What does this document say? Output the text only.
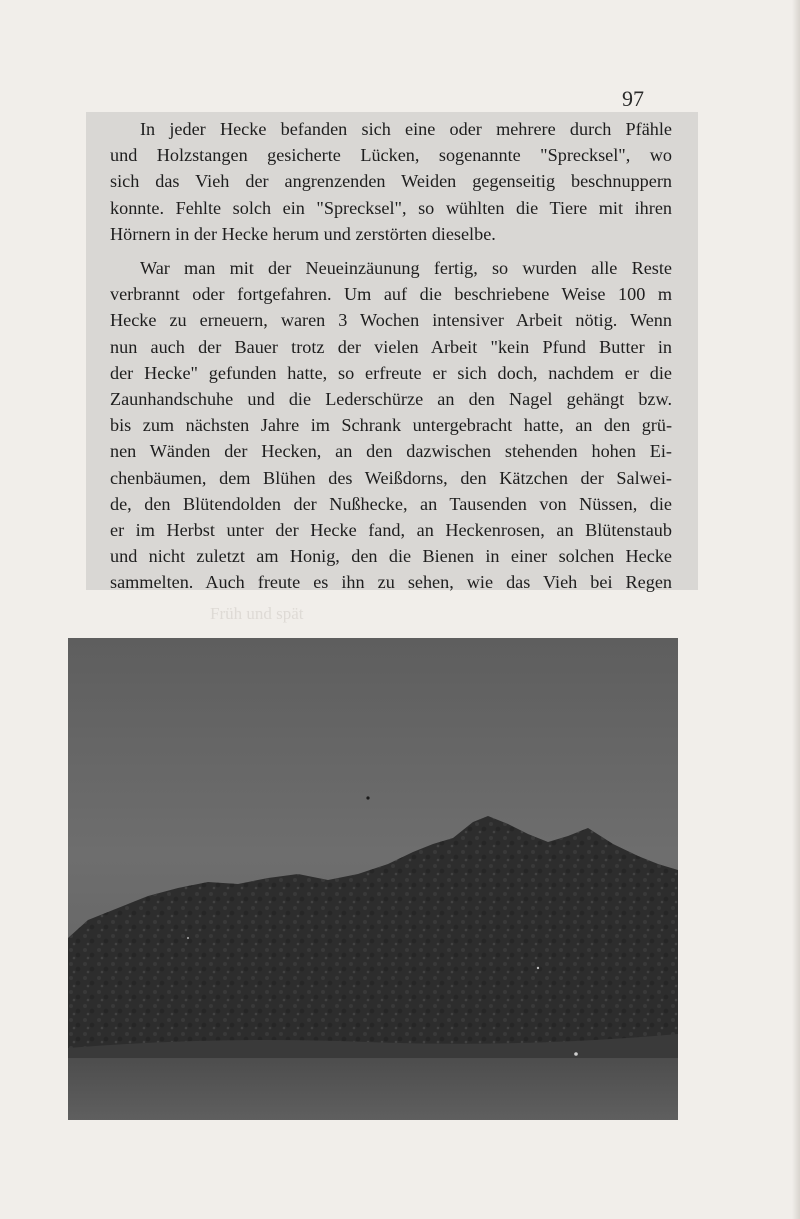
97

In jeder Hecke befanden sich eine oder mehrere durch Pfähle
und Holzstangen gesicherte Lücken, sogenannte "Sprecksel", wo
sich das Vieh der angrenzenden Weiden gegenseitig beschnuppern
konnte. Fehlte solch ein "Sprecksel", so wühlten die Tiere mit ihren
Hörnern in der Hecke herum und zerstörten dieselbe.

War man mit der Neueinzäunung fertig, so wurden alle Reste
verbrannt oder fortgefahren. Um auf die beschriebene Weise 100 m
Hecke zu erneuern, waren 3 Wochen intensiver Arbeit nötig. Wenn
nun auch der Bauer trotz der vielen Arbeit "kein Pfund Butter in
der Hecke" gefunden hatte, so erfreute er sich doch, nachdem er die
Zaunhandschuhe und die Lederschürze an den Nagel gehängt bzw.
bis zum nächsten Jahre im Schrank untergebracht hatte, an den grü-
nen Wänden der Hecken, an den dazwischen stehenden hohen Ei-
chenbäumen, dem Blühen des Weißdorns, den Kätzchen der Salwei-
de, den Blütendolden der Nußhecke, an Tausenden von Nüssen, die
er im Herbst unter der Hecke fand, an Heckenrosen, an Blütenstaub
und nicht zuletzt am Honig, den die Bienen in einer solchen Hecke
sammelten. Auch freute es ihn zu sehen, wie das Vieh bei Regen

Früh und spät
